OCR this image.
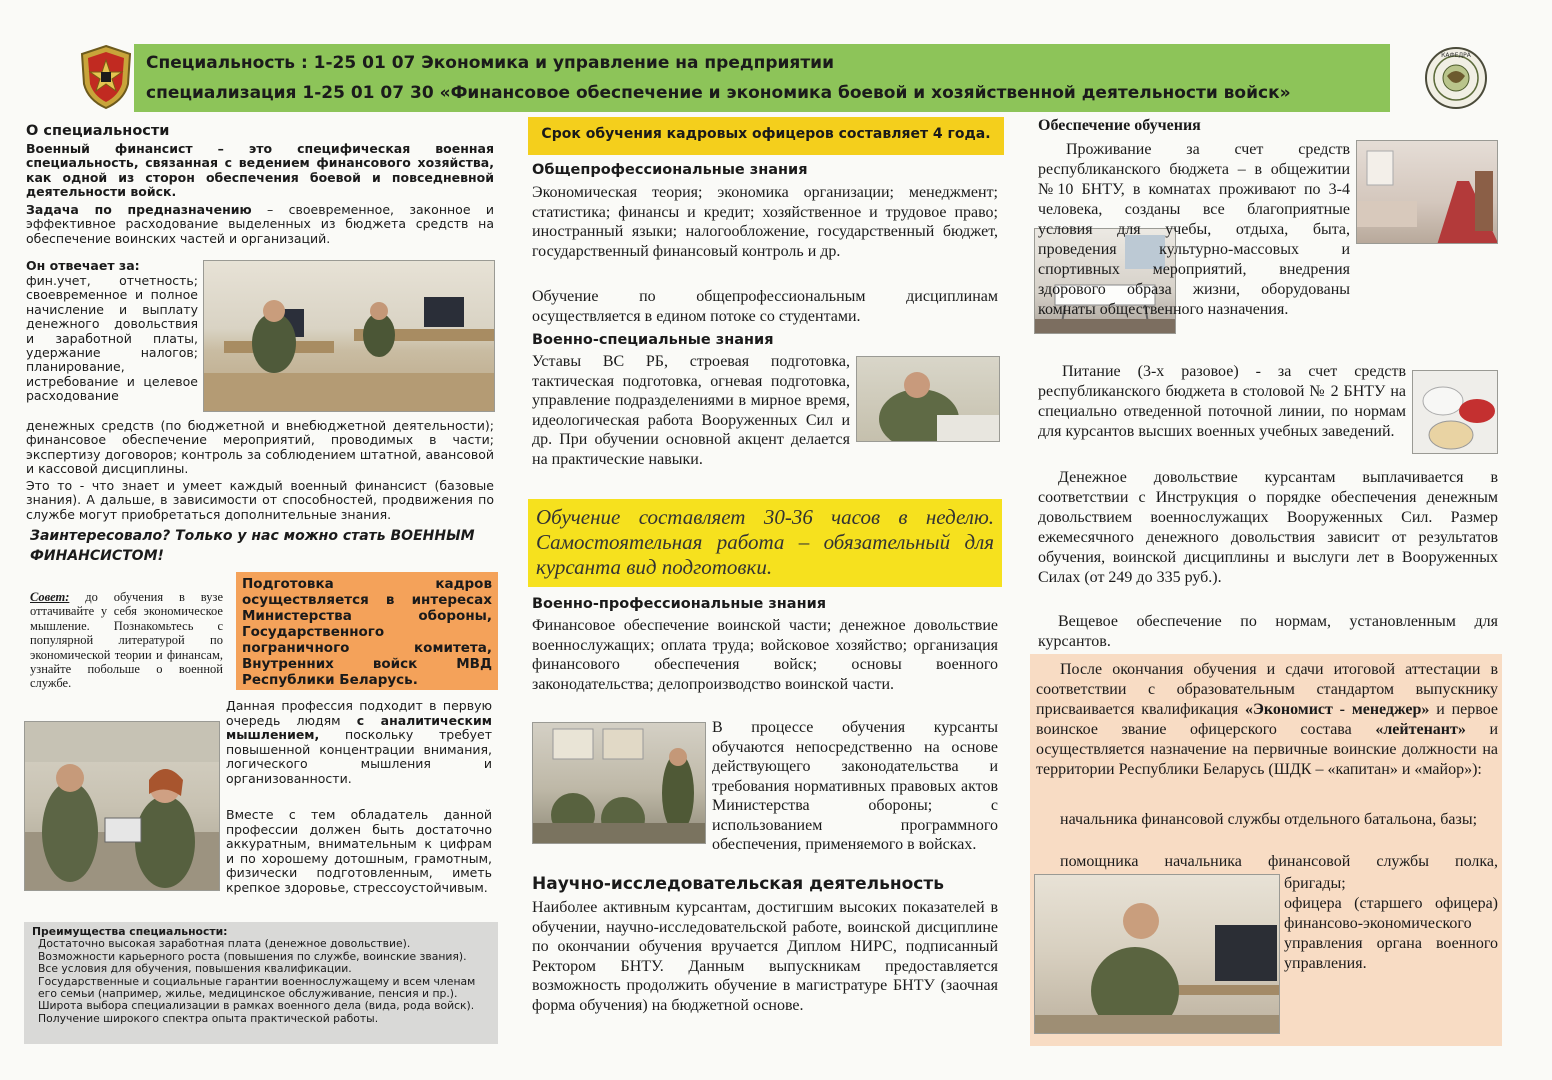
Специальность : 1-25 01 07 Экономика и управление на предприятии
специализация 1-25 01 07 30 «Финансовое обеспечение и экономика боевой и хозяйственной деятельности войск»
КАФЕДРА
О специальности
Военный финансист – это специфическая военная специальность, связанная с ведением финансового хозяйства, как одной из сторон обеспечения боевой и повседневной деятельности войск.
Задача по предназначению – своевременное, законное и эффективное расходование выделенных из бюджета средств на обеспечение воинских частей и организаций.
Он отвечает за:
фин.учет, отчетность; своевременное и полное начисление и выплату денежного довольствия и заработной платы, удержание налогов; планирование, истребование и целевое расходование
денежных средств (по бюджетной и внебюджетной деятельности); финансовое обеспечение мероприятий, проводимых в части; экспертизу договоров; контроль за соблюдением штатной, авансовой и кассовой дисциплины.
Это то - что знает и умеет каждый военный финансист (базовые знания). А дальше, в зависимости от способностей, продвижения по службе могут приобретаться дополнительные знания.
Заинтересовало? Только у нас можно стать ВОЕННЫМ ФИНАНСИСТОМ!
Совет: до обучения в вузе оттачивайте у себя экономическое мышление. Познакомьтесь с популярной литературой по экономической теории и финансам, узнайте побольше о военной службе.
Подготовка кадров осуществляется в интересах Министерства обороны, Государственного пограничного комитета, Внутренних войск МВД Республики Беларусь.
Данная профессия подходит в первую очередь людям с аналитическим мышлением, поскольку требует повышенной концентрации внимания, логического мышления и организованности.
Вместе с тем обладатель данной профессии должен быть достаточно аккуратным, внимательным к цифрам и по хорошему дотошным, грамотным, физически подготовленным, иметь крепкое здоровье, стрессоустойчивым.
Преимущества специальности:
Достаточно высокая заработная плата (денежное довольствие).
Возможности карьерного роста (повышения по службе, воинские звания).
Все условия для обучения, повышения квалификации.
Государственные и социальные гарантии военнослужащему и всем членам его семьи (например, жилье, медицинское обслуживание, пенсия и пр.).
Широта выбора специализации в рамках военного дела (вида, рода войск).
Получение широкого спектра опыта практической работы.
Срок обучения кадровых офицеров составляет 4 года.
Общепрофессиональные знания
Экономическая теория; экономика организации; менеджмент; статистика; финансы и кредит; хозяйственное и трудовое право; иностранный языки; налогообложение, государственный бюджет, государственный финансовый контроль и др.
Обучение по общепрофессиональным дисциплинам осуществляется в едином потоке со студентами.
Военно-специальные знания
Уставы ВС РБ, строевая подготовка, тактическая подготовка, огневая подготовка, управление подразделениями в мирное время, идеологическая работа Вооруженных Сил и др. При обучении основной акцент делается на практические навыки.
Обучение составляет 30-36 часов в неделю. Самостоятельная работа – обязательный для курсанта вид подготовки.
Военно-профессиональные знания
Финансовое обеспечение воинской части; денежное довольствие военнослужащих; оплата труда; войсковое хозяйство; организация финансового обеспечения войск; основы военного законодательства; делопроизводство воинской части.
В процессе обучения курсанты обучаются непосредственно на основе действующего законодательства и требования нормативных правовых актов Министерства обороны; с использованием программного обеспечения, применяемого в войсках.
Научно-исследовательская деятельность
Наиболее активным курсантам, достигшим высоких показателей в обучении, научно-исследовательской работе, воинской дисциплине по окончании обучения вручается Диплом НИРС, подписанный Ректором БНТУ. Данным выпускникам предоставляется возможность продолжить обучение в магистратуре БНТУ (заочная форма обучения) на бюджетной основе.
Обеспечение обучения
Проживание за счет средств республиканского бюджета – в общежитии №10 БНТУ, в комнатах проживают по 3-4 человека, созданы все благоприятные условия для учебы, отдыха, быта, проведения культурно-массовых и спортивных мероприятий, внедрения здорового образа жизни, оборудованы комнаты общественного назначения.
Питание (3-х разовое) - за счет средств республиканского бюджета в столовой № 2 БНТУ на специально отведенной поточной линии, по нормам для курсантов высших военных учебных заведений.
Денежное довольствие курсантам выплачивается в соответствии с Инструкция о порядке обеспечения денежным довольствием военнослужащих Вооруженных Сил. Размер ежемесячного денежного довольствия зависит от результатов обучения, воинской дисциплины и выслуги лет в Вооруженных Силах (от 249 до 335 руб.).
Вещевое обеспечение по нормам, установленным для курсантов.
После окончания обучения и сдачи итоговой аттестации в соответствии с образовательным стандартом выпускнику присваивается квалификация «Экономист - менеджер» и первое воинское звание офицерского состава «лейтенант» и осуществляется назначение на первичные воинские должности на территории Республики Беларусь (ШДК – «капитан» и «майор»):
начальника финансовой службы отдельного батальона, базы;
помощника начальника финансовой службы полка,
бригады;
офицера (старшего офицера) финансово-экономического управления органа военного управления.
